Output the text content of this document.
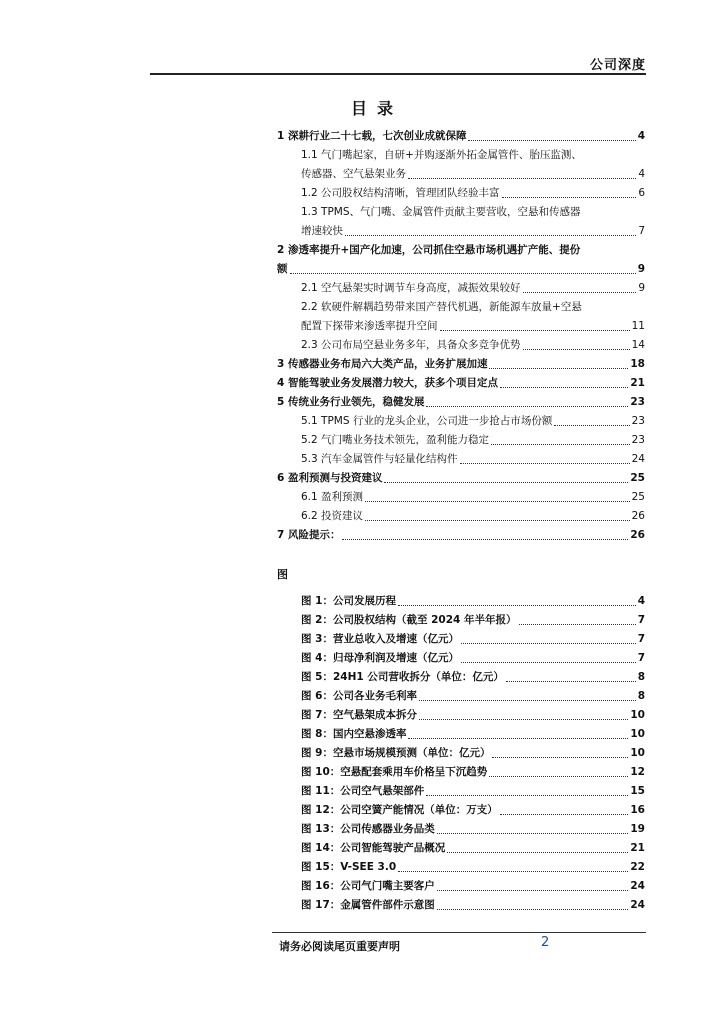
公司深度
目录
1 深耕行业二十七载，七次创业成就保障	4
1.1 气门嘴起家，自研+并购逐渐外拓金属管件、胎压监测、
传感器、空气悬架业务	4
1.2 公司股权结构清晰，管理团队经验丰富	6
1.3 TPMS、气门嘴、金属管件贡献主要营收，空悬和传感器
增速较快	7
2 渗透率提升+国产化加速，公司抓住空悬市场机遇扩产能、提份
额	9
2.1 空气悬架实时调节车身高度，减振效果较好	9
2.2 软硬件解耦趋势带来国产替代机遇，新能源车放量+空悬
配置下探带来渗透率提升空间	11
2.3 公司布局空悬业务多年，具备众多竞争优势	14
3 传感器业务布局六大类产品，业务扩展加速	18
4 智能驾驶业务发展潜力较大，获多个项目定点	21
5 传统业务行业领先，稳健发展	23
5.1 TPMS 行业的龙头企业，公司进一步抢占市场份额	23
5.2 气门嘴业务技术领先，盈利能力稳定	23
5.3 汽车金属管件与轻量化结构件	24
6 盈利预测与投资建议	25
6.1 盈利预测	25
6.2 投资建议	26
7 风险提示：	26
图
图 1：公司发展历程	4
图 2：公司股权结构（截至 2024 年半年报）	7
图 3：营业总收入及增速（亿元）	7
图 4：归母净利润及增速（亿元）	7
图 5：24H1 公司营收拆分（单位：亿元）	8
图 6：公司各业务毛利率	8
图 7：空气悬架成本拆分	10
图 8：国内空悬渗透率	10
图 9：空悬市场规模预测（单位：亿元）	10
图 10：空悬配套乘用车价格呈下沉趋势	12
图 11：公司空气悬架部件	15
图 12：公司空簧产能情况（单位：万支）	16
图 13：公司传感器业务品类	19
图 14：公司智能驾驶产品概况	21
图 15：V-SEE 3.0	22
图 16：公司气门嘴主要客户	24
图 17：金属管件部件示意图	24
请务必阅读尾页重要声明	2
